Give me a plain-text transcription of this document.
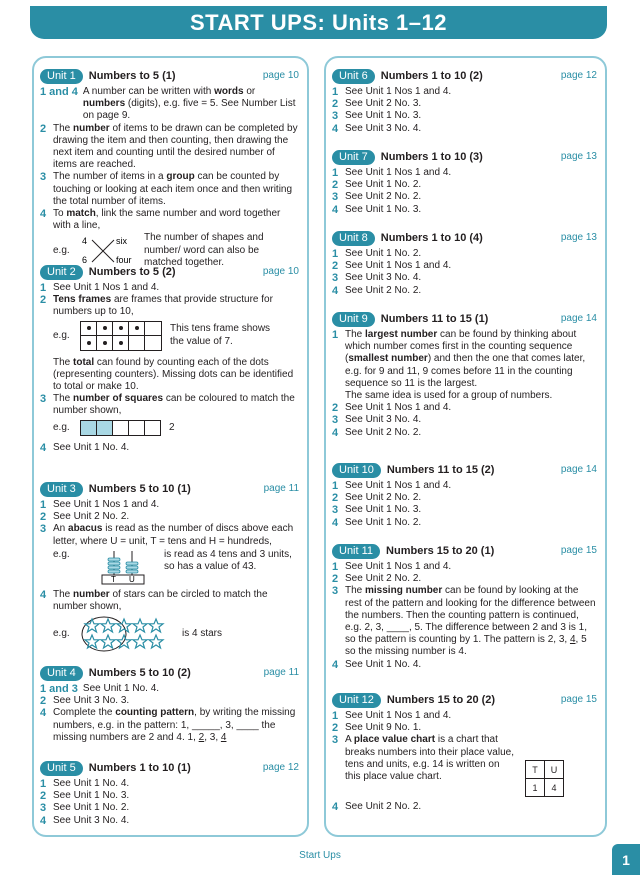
START UPS: Units 1–12
Unit 1	Numbers to 5 (1)	page 10
1 and 4 A number can be written with words or numbers (digits), e.g. five = 5. See Number List on page 9.
2 The number of items to be drawn can be completed by drawing the item and then counting, then drawing the next item and counting until the desired number of items are reached.
3 The number of items in a group can be counted by touching or looking at each item once and then writing the total number of items.
4 To match, link the same number and word together with a line,
e.g.
4
6
six
four
The number of shapes and number/ word can also be matched together.
Unit 2	Numbers to 5 (2)	page 10
1 See Unit 1 Nos 1 and 4.
2 Tens frames are frames that provide structure for numbers up to 10,
e.g.
This tens frame shows the value of 7.
The total can found by counting each of the dots (representing counters). Missing dots can be identified to total or make 10.
3 The number of squares can be coloured to match the number shown,
e.g.	2
4 See Unit 1 No. 4.
Unit 3	Numbers 5 to 10 (1)	page 11
1 See Unit 1 Nos 1 and 4.
2 See Unit 2 No. 2.
3 An abacus is read as the number of discs above each letter, where U = unit, T = tens and H = hundreds,
e.g.
T U
is read as 4 tens and 3 units, so has a value of 43.
4 The number of stars can be circled to match the number shown,
e.g.	is 4 stars
Unit 4	Numbers 5 to 10 (2)	page 11
1 and 3 See Unit 1 No. 4.
2 See Unit 3 No. 3.
4 Complete the counting pattern, by writing the missing numbers, e.g. in the pattern: 1, _____, 3, ____ the missing numbers are 2 and 4. 1, 2, 3, 4
Unit 5	Numbers 1 to 10 (1)	page 12
1 See Unit 1 No. 4.
2 See Unit 1 No. 3.
3 See Unit 1 No. 2.
4 See Unit 3 No. 4.
Unit 6	Numbers 1 to 10 (2)	page 12
1 See Unit 1 Nos 1 and 4.
2 See Unit 2 No. 3.
3 See Unit 1 No. 3.
4 See Unit 3 No. 4.
Unit 7	Numbers 1 to 10 (3)	page 13
1 See Unit 1 Nos 1 and 4.
2 See Unit 1 No. 2.
3 See Unit 2 No. 2.
4 See Unit 1 No. 3.
Unit 8	Numbers 1 to 10 (4)	page 13
1 See Unit 1 No. 2.
2 See Unit 1 Nos 1 and 4.
3 See Unit 3 No. 4.
4 See Unit 2 No. 2.
Unit 9	Numbers 11 to 15 (1)	page 14
1 The largest number can be found by thinking about which number comes first in the counting sequence (smallest number) and then the one that comes later, e.g. for 9 and 11, 9 comes before 11 in the counting sequence so 11 is the largest.
The same idea is used for a group of numbers.
2 See Unit 1 Nos 1 and 4.
3 See Unit 3 No. 4.
4 See Unit 2 No. 2.
Unit 10	Numbers 11 to 15 (2)	page 14
1 See Unit 1 Nos 1 and 4.
2 See Unit 2 No. 2.
3 See Unit 1 No. 3.
4 See Unit 1 No. 2.
Unit 11	Numbers 15 to 20 (1)	page 15
1 See Unit 1 Nos 1 and 4.
2 See Unit 2 No. 2.
3 The missing number can be found by looking at the rest of the pattern and looking for the difference between the numbers. Then the counting pattern is continued, e.g. 2, 3, ____, 5. The difference between 2 and 3 is 1, so the pattern is counting by 1. The pattern is 2, 3, 4, 5 so the missing number is 4.
4 See Unit 1 No. 4.
Unit 12	Numbers 15 to 20 (2)	page 15
1 See Unit 1 Nos 1 and 4.
2 See Unit 9 No. 1.
3 A place value chart is a chart that breaks numbers into their place value, tens and units, e.g. 14 is written on this place value chart.
T	U
1	4
4 See Unit 2 No. 2.
Start Ups	1
